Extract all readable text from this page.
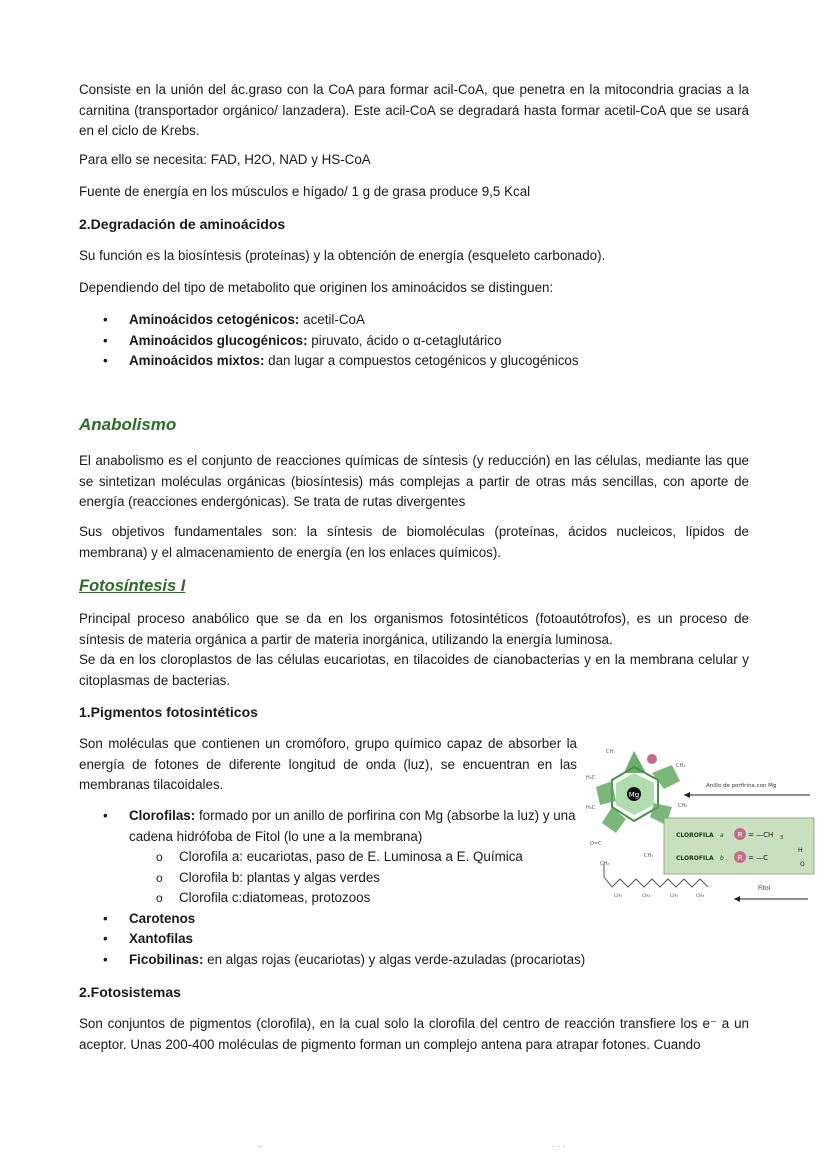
Consiste en la unión del ác.graso con la CoA para formar acil-CoA, que penetra en la mitocondria gracias a la carnitina (transportador orgánico/ lanzadera). Este acil-CoA se degradará hasta formar acetil-CoA que se usará en el ciclo de Krebs.

Para ello se necesita: FAD, H2O, NAD y HS-CoA

Fuente de energía en los músculos e hígado/ 1 g de grasa produce 9,5 Kcal

2.Degradación de aminoácidos

Su función es la biosíntesis (proteínas) y la obtención de energía (esqueleto carbonado).

Dependiendo del tipo de metabolito que originen los aminoácidos se distinguen:

• Aminoácidos cetogénicos: acetil-CoA
• Aminoácidos glucogénicos: piruvato, ácido o α-cetaglutárico
• Aminoácidos mixtos: dan lugar a compuestos cetogénicos y glucogénicos
Anabolismo

El anabolismo es el conjunto de reacciones químicas de síntesis (y reducción) en las células, mediante las que se sintetizan moléculas orgánicas (biosíntesis) más complejas a partir de otras más sencillas, con aporte de energía (reacciones endergónicas). Se trata de rutas divergentes

Sus objetivos fundamentales son: la síntesis de biomoléculas (proteínas, ácidos nucleicos, lípidos de membrana) y el almacenamiento de energía (en los enlaces químicos).

Fotosíntesis I

Principal proceso anabólico que se da en los organismos fotosintéticos (fotoautótrofos), es un proceso de síntesis de materia orgánica a partir de materia inorgánica, utilizando la energía luminosa.

Se da en los cloroplastos de las células eucariotas, en tilacoides de cianobacterias y en la membrana celular y citoplasmas de bacterias.

1.Pigmentos fotosintéticos

Son moléculas que contienen un cromóforo, grupo químico capaz de absorber la energía de fotones de diferente longitud de onda (luz), se encuentran en las membranas tilacoidales.

• Clorofilas: formado por un anillo de porfirina con Mg (absorbe la luz) y una cadena hidrófoba de Fitol (lo une a la membrana)
o Clorofila a: eucariotas, paso de E. Luminosa a E. Química
o Clorofila b: plantas y algas verdes
o Clorofila c:diatomeas, protozoos
• Carotenos
• Xantofilas
• Ficobilinas: en algas rojas (eucariotas) y algas verde-azuladas (procariotas)
Mg
CH
H₃C
CH₃
H₃C	CH₃
O=C
CH₂
CH₃
CH₃	CH₃	CH₃	CH₃
Anillo de porfirina con Mg
CLOROFILA a R = —CH 3
CLOROFILA b R = —C
H
O
Fitol
2.Fotosistemas

Son conjuntos de pigmentos (clorofila), en la cual solo la clorofila del centro de reacción transfiere los e⁻ a un aceptor. Unas 200-400 moléculas de pigmento forman un complejo antena para atrapar fotones. Cuando

-	· · ·
